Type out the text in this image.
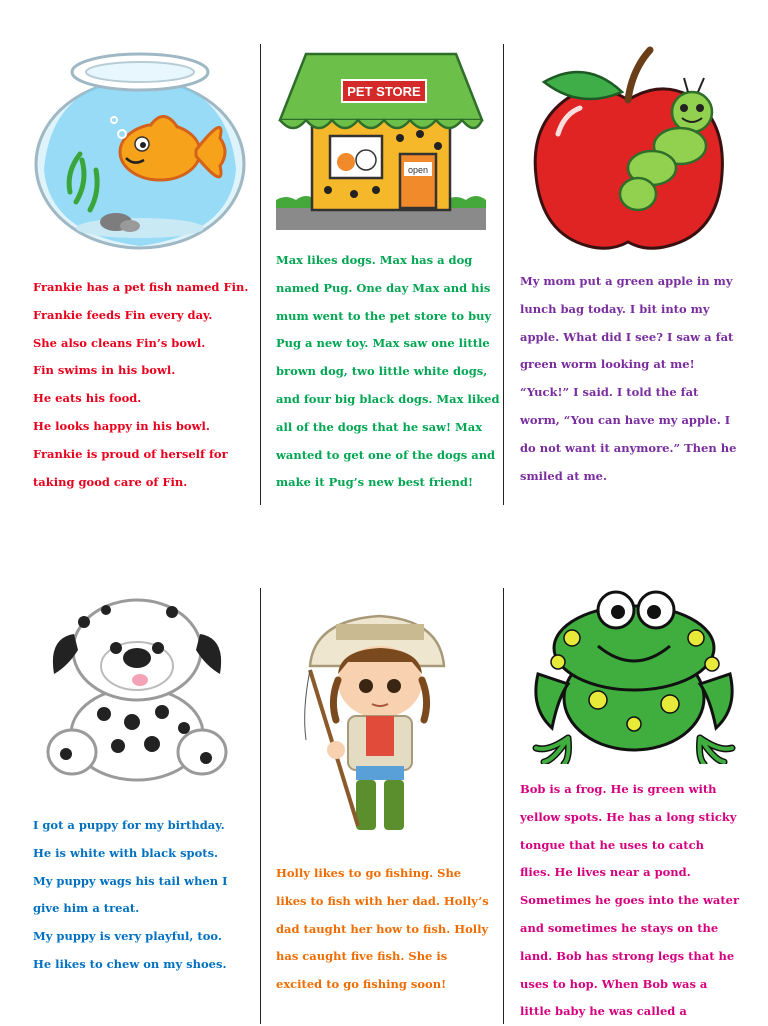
Frankie has a pet fish named Fin.
Frankie feeds Fin every day.
She also cleans Fin’s bowl.
Fin swims in his bowl.
He eats his food.
He looks happy in his bowl.
Frankie is proud of herself for
taking good care of Fin.
PET STORE
open
Max likes dogs. Max has a dog
named Pug. One day Max and his
mum went to the pet store to buy
Pug a new toy. Max saw one little
brown dog, two little white dogs,
and four big black dogs. Max liked
all of the dogs that he saw! Max
wanted to get one of the dogs and
make it Pug’s new best friend!
My mom put a green apple in my
lunch bag today. I bit into my
apple. What did I see? I saw a fat
green worm looking at me!
“Yuck!” I said. I told the fat
worm, “You can have my apple. I
do not want it anymore.” Then he
smiled at me.
I got a puppy for my birthday.
He is white with black spots.
My puppy wags his tail when I
give him a treat.
My puppy is very playful, too.
He likes to chew on my shoes.
Holly likes to go fishing. She
likes to fish with her dad. Holly’s
dad taught her how to fish. Holly
has caught five fish. She is
excited to go fishing soon!
Bob is a frog. He is green with
yellow spots. He has a long sticky
tongue that he uses to catch
flies. He lives near a pond.
Sometimes he goes into the water
and sometimes he stays on the
land. Bob has strong legs that he
uses to hop. When Bob was a
little baby he was called a
